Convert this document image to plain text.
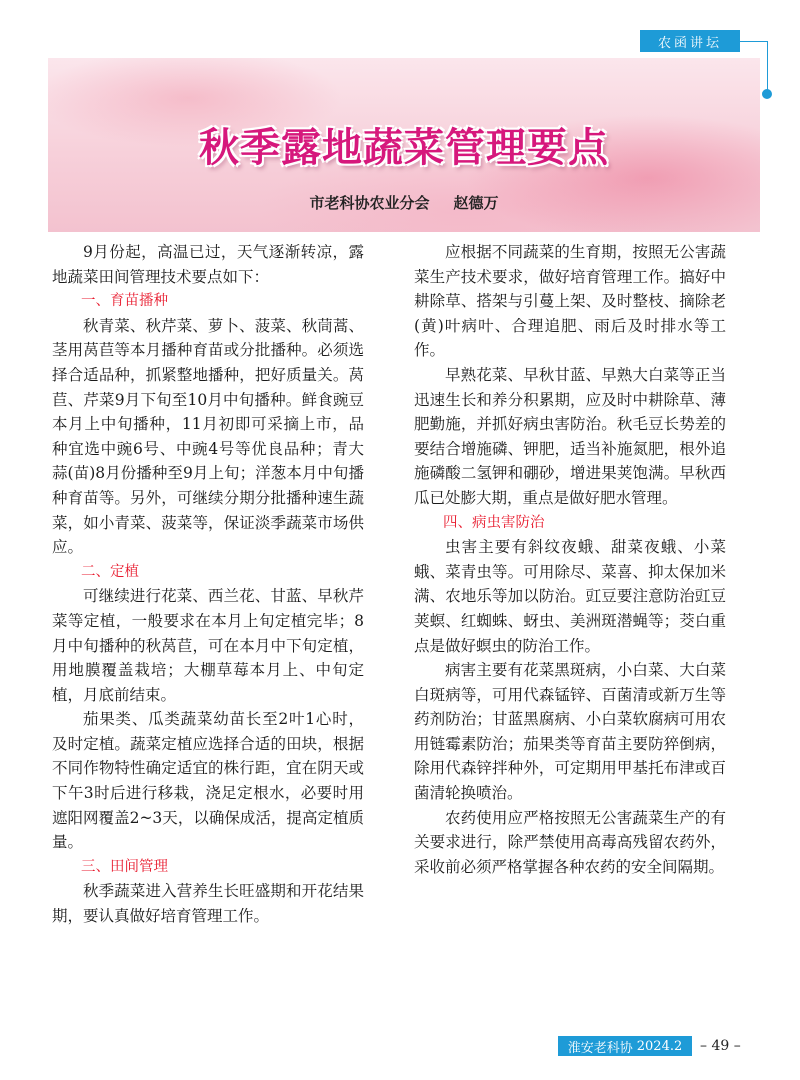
农函讲坛
秋季露地蔬菜管理要点
市老科协农业分会 赵德万

9月份起，高温已过，天气逐渐转凉，露地蔬菜田间管理技术要点如下：

一、育苗播种

秋青菜、秋芹菜、萝卜、菠菜、秋茼蒿、茎用莴苣等本月播种育苗或分批播种。必须选择合适品种，抓紧整地播种，把好质量关。莴苣、芹菜9月下旬至10月中旬播种。鲜食豌豆本月上中旬播种，11月初即可采摘上市，品种宜选中豌6号、中豌4号等优良品种；青大蒜(苗)8月份播种至9月上旬；洋葱本月中旬播种育苗等。另外，可继续分期分批播种速生蔬菜，如小青菜、菠菜等，保证淡季蔬菜市场供应。

二、定植

可继续进行花菜、西兰花、甘蓝、早秋芹菜等定植，一般要求在本月上旬定植完毕；8月中旬播种的秋莴苣，可在本月中下旬定植，用地膜覆盖栽培；大棚草莓本月上、中旬定植，月底前结束。

茄果类、瓜类蔬菜幼苗长至2叶1心时，及时定植。蔬菜定植应选择合适的田块，根据不同作物特性确定适宜的株行距，宜在阴天或下午3时后进行移栽，浇足定根水，必要时用遮阳网覆盖2~3天，以确保成活，提高定植质量。

三、田间管理

秋季蔬菜进入营养生长旺盛期和开花结果期，要认真做好培育管理工作。

应根据不同蔬菜的生育期，按照无公害蔬菜生产技术要求，做好培育管理工作。搞好中耕除草、搭架与引蔓上架、及时整枝、摘除老(黄)叶病叶、合理追肥、雨后及时排水等工作。

早熟花菜、早秋甘蓝、早熟大白菜等正当迅速生长和养分积累期，应及时中耕除草、薄肥勤施，并抓好病虫害防治。秋毛豆长势差的要结合增施磷、钾肥，适当补施氮肥，根外追施磷酸二氢钾和硼砂，增进果荚饱满。早秋西瓜已处膨大期，重点是做好肥水管理。

四、病虫害防治

虫害主要有斜纹夜蛾、甜菜夜蛾、小菜蛾、菜青虫等。可用除尽、菜喜、抑太保加米满、农地乐等加以防治。豇豆要注意防治豇豆荚螟、红蜘蛛、蚜虫、美洲斑潜蝇等；茭白重点是做好螟虫的防治工作。

病害主要有花菜黑斑病，小白菜、大白菜白斑病等，可用代森锰锌、百菌清或新万生等药剂防治；甘蓝黑腐病、小白菜软腐病可用农用链霉素防治；茄果类等育苗主要防猝倒病，除用代森锌拌种外，可定期用甲基托布津或百菌清轮换喷治。

农药使用应严格按照无公害蔬菜生产的有关要求进行，除严禁使用高毒高残留农药外，采收前必须严格掌握各种农药的安全间隔期。

淮安老科协 2024.2 – 49 –
